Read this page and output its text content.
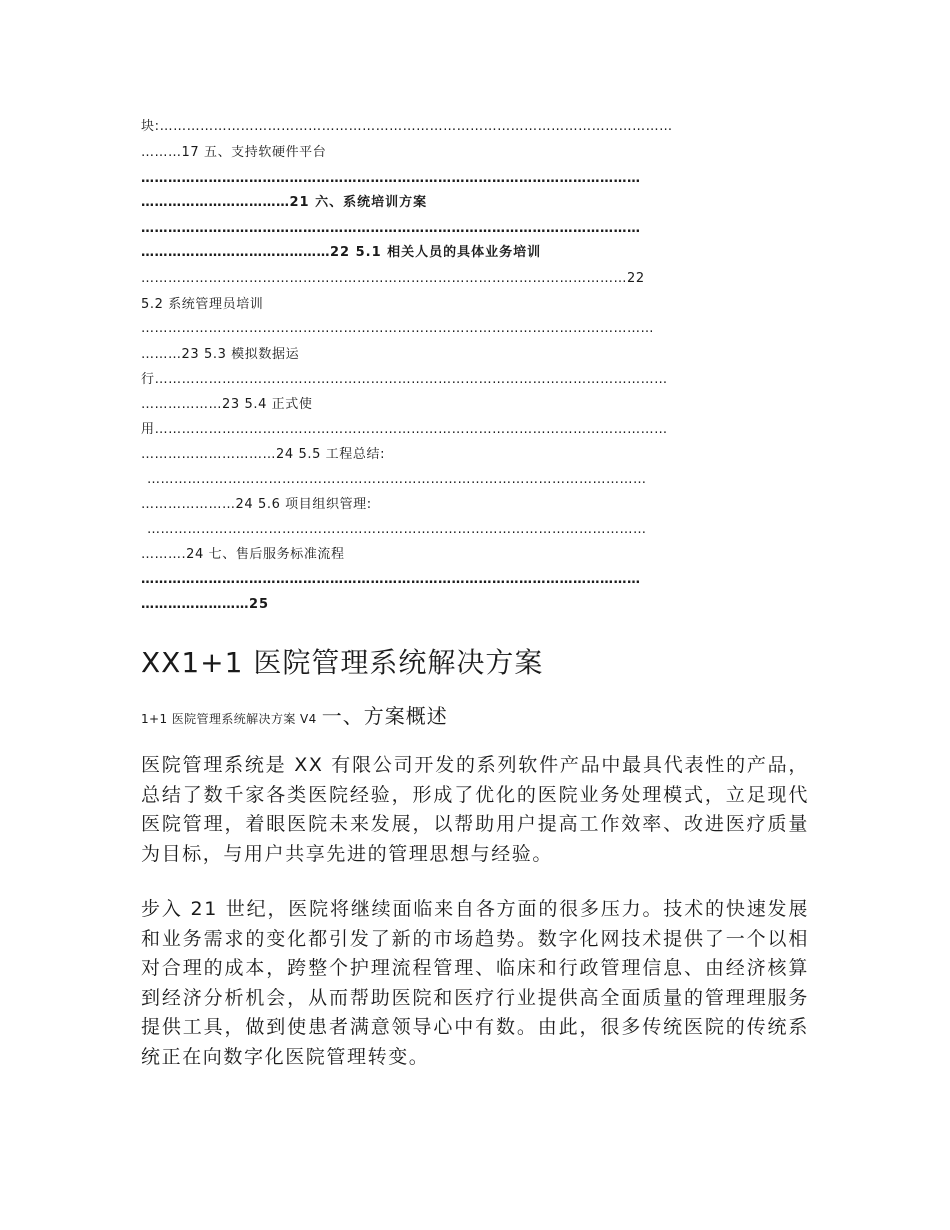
块:……………………………………………………………………………………………………
………17 五、支持软硬件平台
…………………………………………………………………………………………………
……………………………21 六、系统培训方案
…………………………………………………………………………………………………
……………………………………22 5.1 相关人员的具体业务培训
………………………………………………………………………………………………22
5.2 系统管理员培训
……………………………………………………………………………………………………
………23 5.3 模拟数据运
行……………………………………………………………………………………………………
………………23 5.4 正式使
用……………………………………………………………………………………………………
…………………………24 5.5 工程总结:
…………………………………………………………………………………………………
…………………24 5.6 项目组织管理:
…………………………………………………………………………………………………
……….24 七、售后服务标准流程
…………………………………………………………………………………………………
……………………25
XX1+1 医院管理系统解决方案
1+1 医院管理系统解决方案 V4 一、方案概述

医院管理系统是 XX 有限公司开发的系列软件产品中最具代表性的产品，总结了数千家各类医院经验，形成了优化的医院业务处理模式，立足现代医院管理，着眼医院未来发展，以帮助用户提高工作效率、改进医疗质量为目标，与用户共享先进的管理思想与经验。

步入 21 世纪，医院将继续面临来自各方面的很多压力。技术的快速发展和业务需求的变化都引发了新的市场趋势。数字化网技术提供了一个以相对合理的成本，跨整个护理流程管理、临床和行政管理信息、由经济核算到经济分析机会，从而帮助医院和医疗行业提供高全面质量的管理理服务提供工具，做到使患者满意领导心中有数。由此，很多传统医院的传统系统正在向数字化医院管理转变。
